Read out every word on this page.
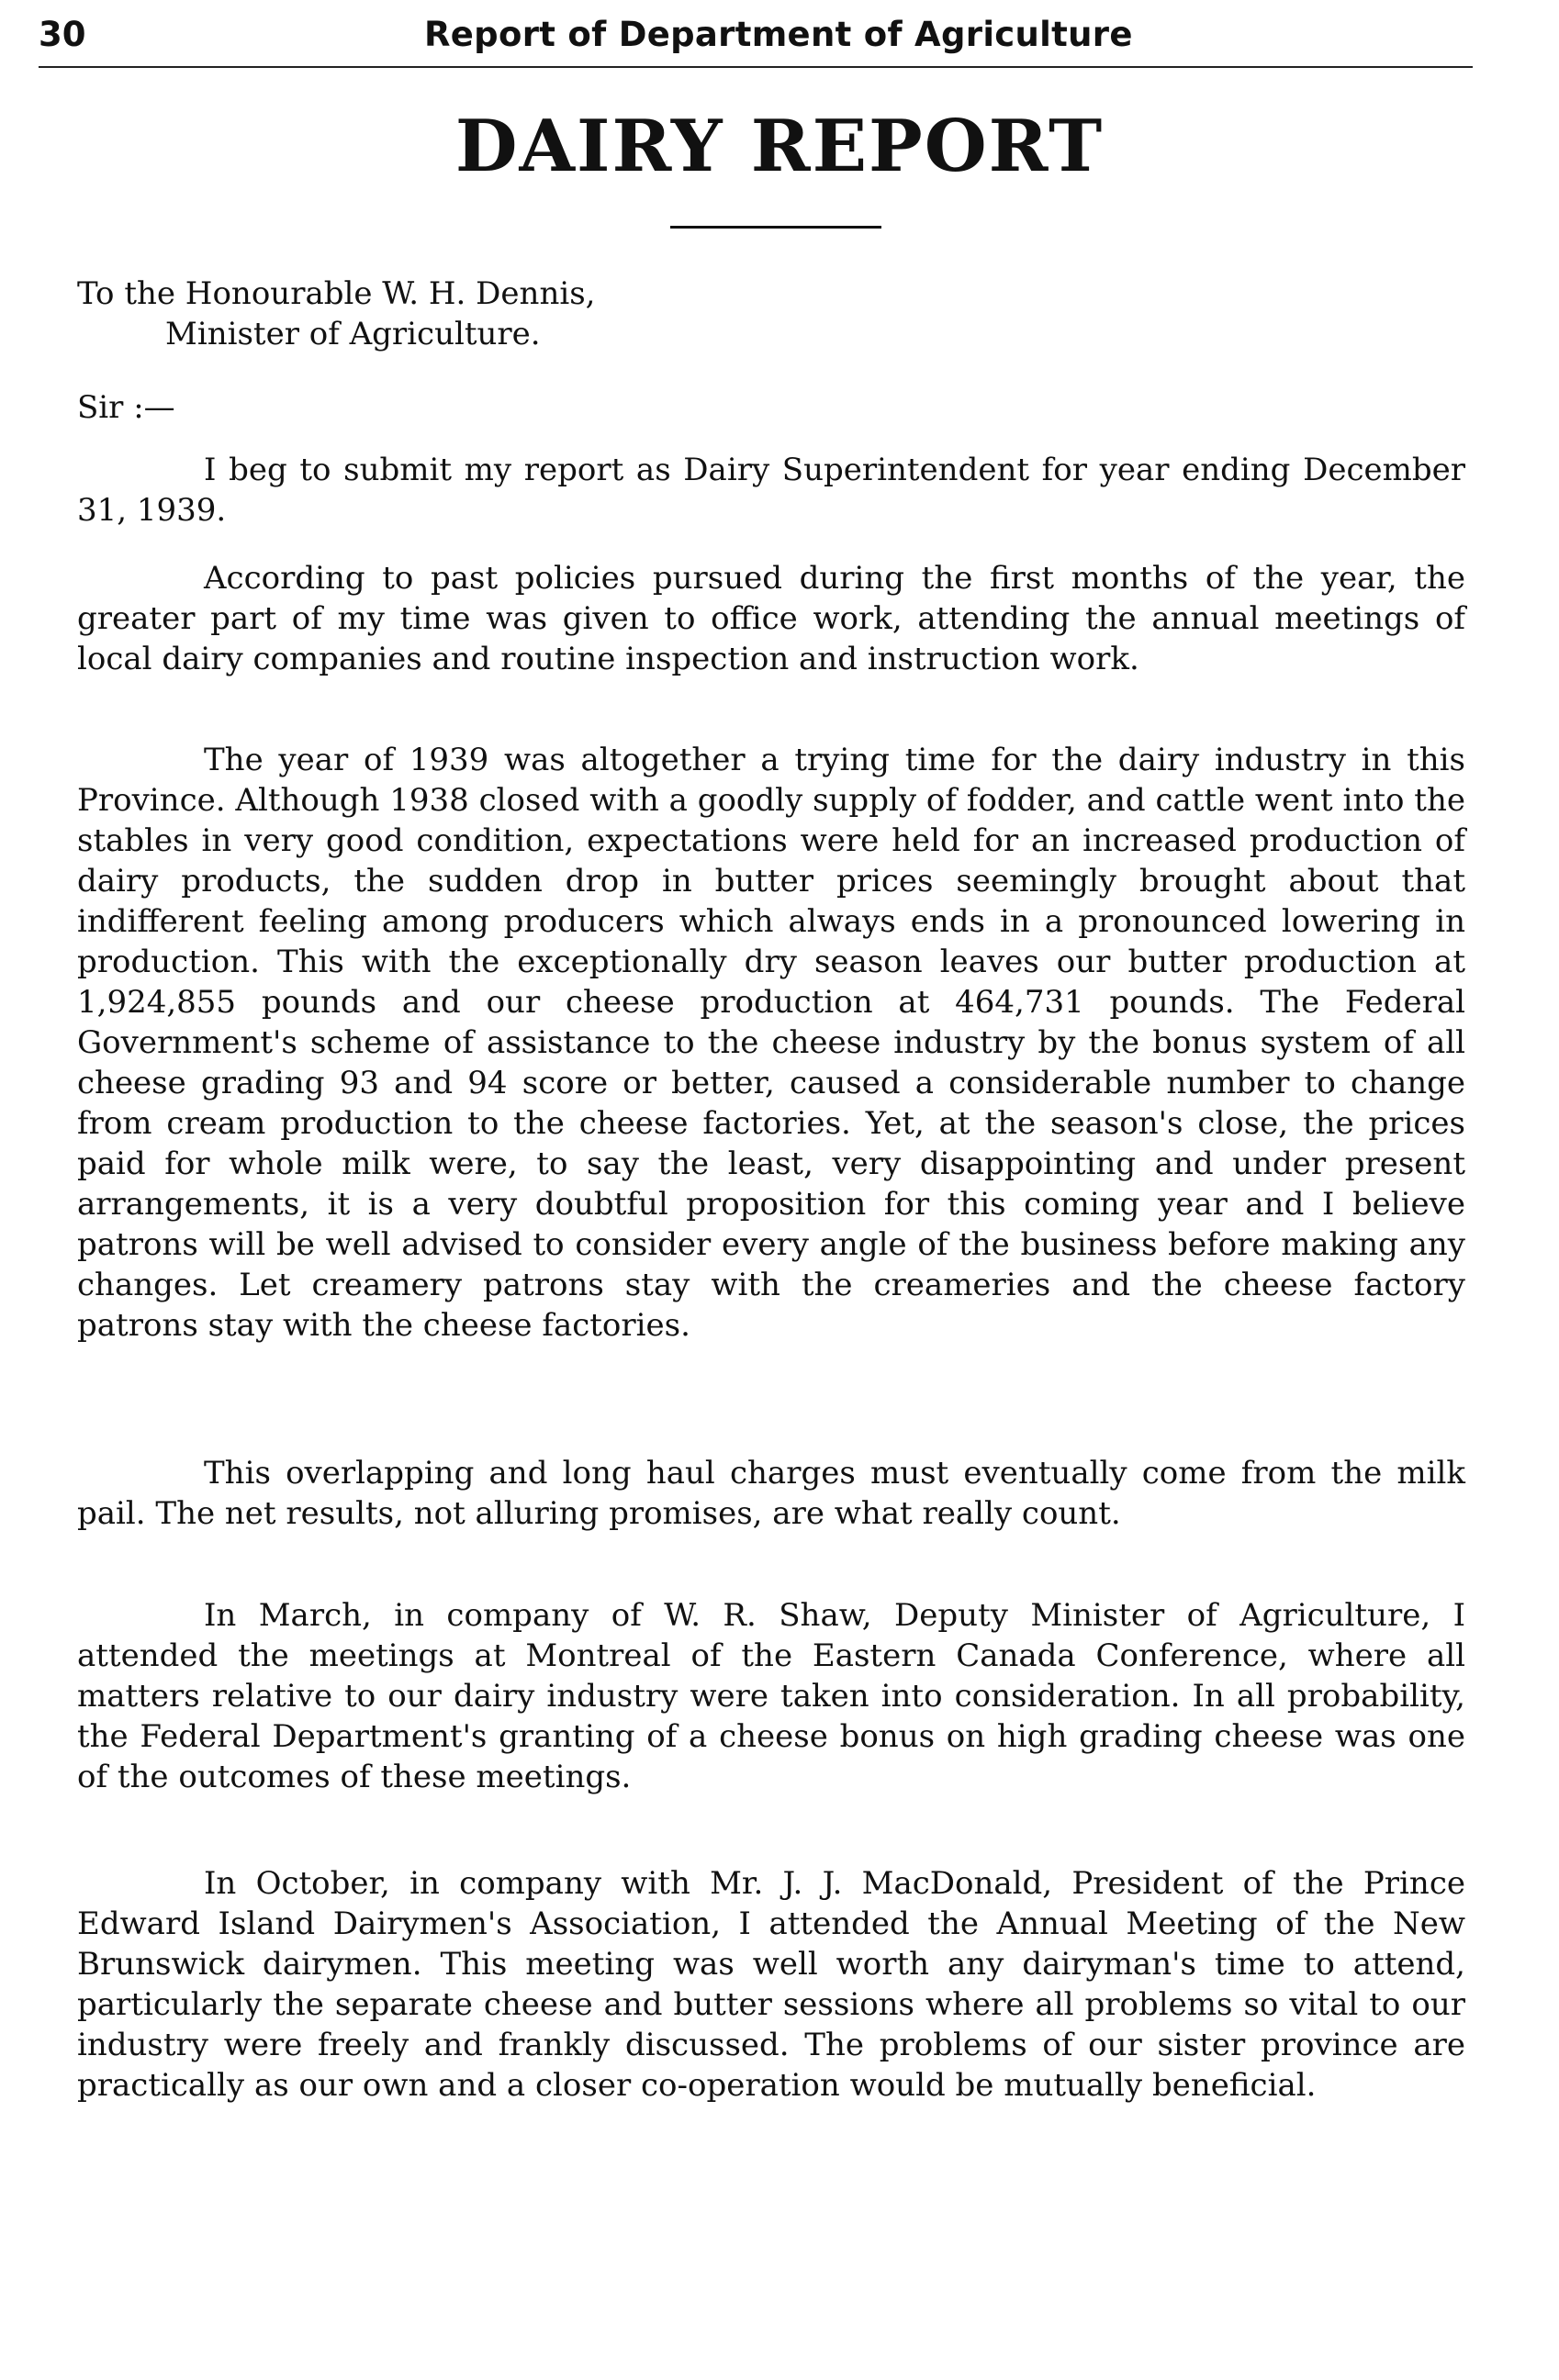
30	Report of Department of Agriculture
DAIRY REPORT
To the Honourable W. H. Dennis,
Minister of Agriculture.
Sir :—

I beg to submit my report as Dairy Superintendent for year ending December 31, 1939.

According to past policies pursued during the first months of the year, the greater part of my time was given to office work, attending the annual meetings of local dairy companies and routine inspection and instruction work.

The year of 1939 was altogether a trying time for the dairy industry in this Province. Although 1938 closed with a goodly supply of fodder, and cattle went into the stables in very good condition, expectations were held for an increased production of dairy products, the sudden drop in butter prices seemingly brought about that indifferent feeling among producers which always ends in a pronounced lowering in production. This with the exceptionally dry season leaves our butter production at 1,924,855 pounds and our cheese production at 464,731 pounds. The Federal Government's scheme of assistance to the cheese industry by the bonus system of all cheese grading 93 and 94 score or better, caused a considerable number to change from cream production to the cheese factories. Yet, at the season's close, the prices paid for whole milk were, to say the least, very disappointing and under present arrangements, it is a very doubtful proposition for this coming year and I believe patrons will be well advised to consider every angle of the business before making any changes. Let creamery patrons stay with the creameries and the cheese factory patrons stay with the cheese factories.

This overlapping and long haul charges must eventually come from the milk pail. The net results, not alluring promises, are what really count.

In March, in company of W. R. Shaw, Deputy Minister of Agriculture, I attended the meetings at Montreal of the Eastern Canada Conference, where all matters relative to our dairy industry were taken into consideration. In all probability, the Federal Department's granting of a cheese bonus on high grading cheese was one of the outcomes of these meetings.

In October, in company with Mr. J. J. MacDonald, President of the Prince Edward Island Dairymen's Association, I attended the Annual Meeting of the New Brunswick dairymen. This meeting was well worth any dairyman's time to attend, particularly the separate cheese and butter sessions where all problems so vital to our industry were freely and frankly discussed. The problems of our sister province are practically as our own and a closer co-operation would be mutually beneficial.
